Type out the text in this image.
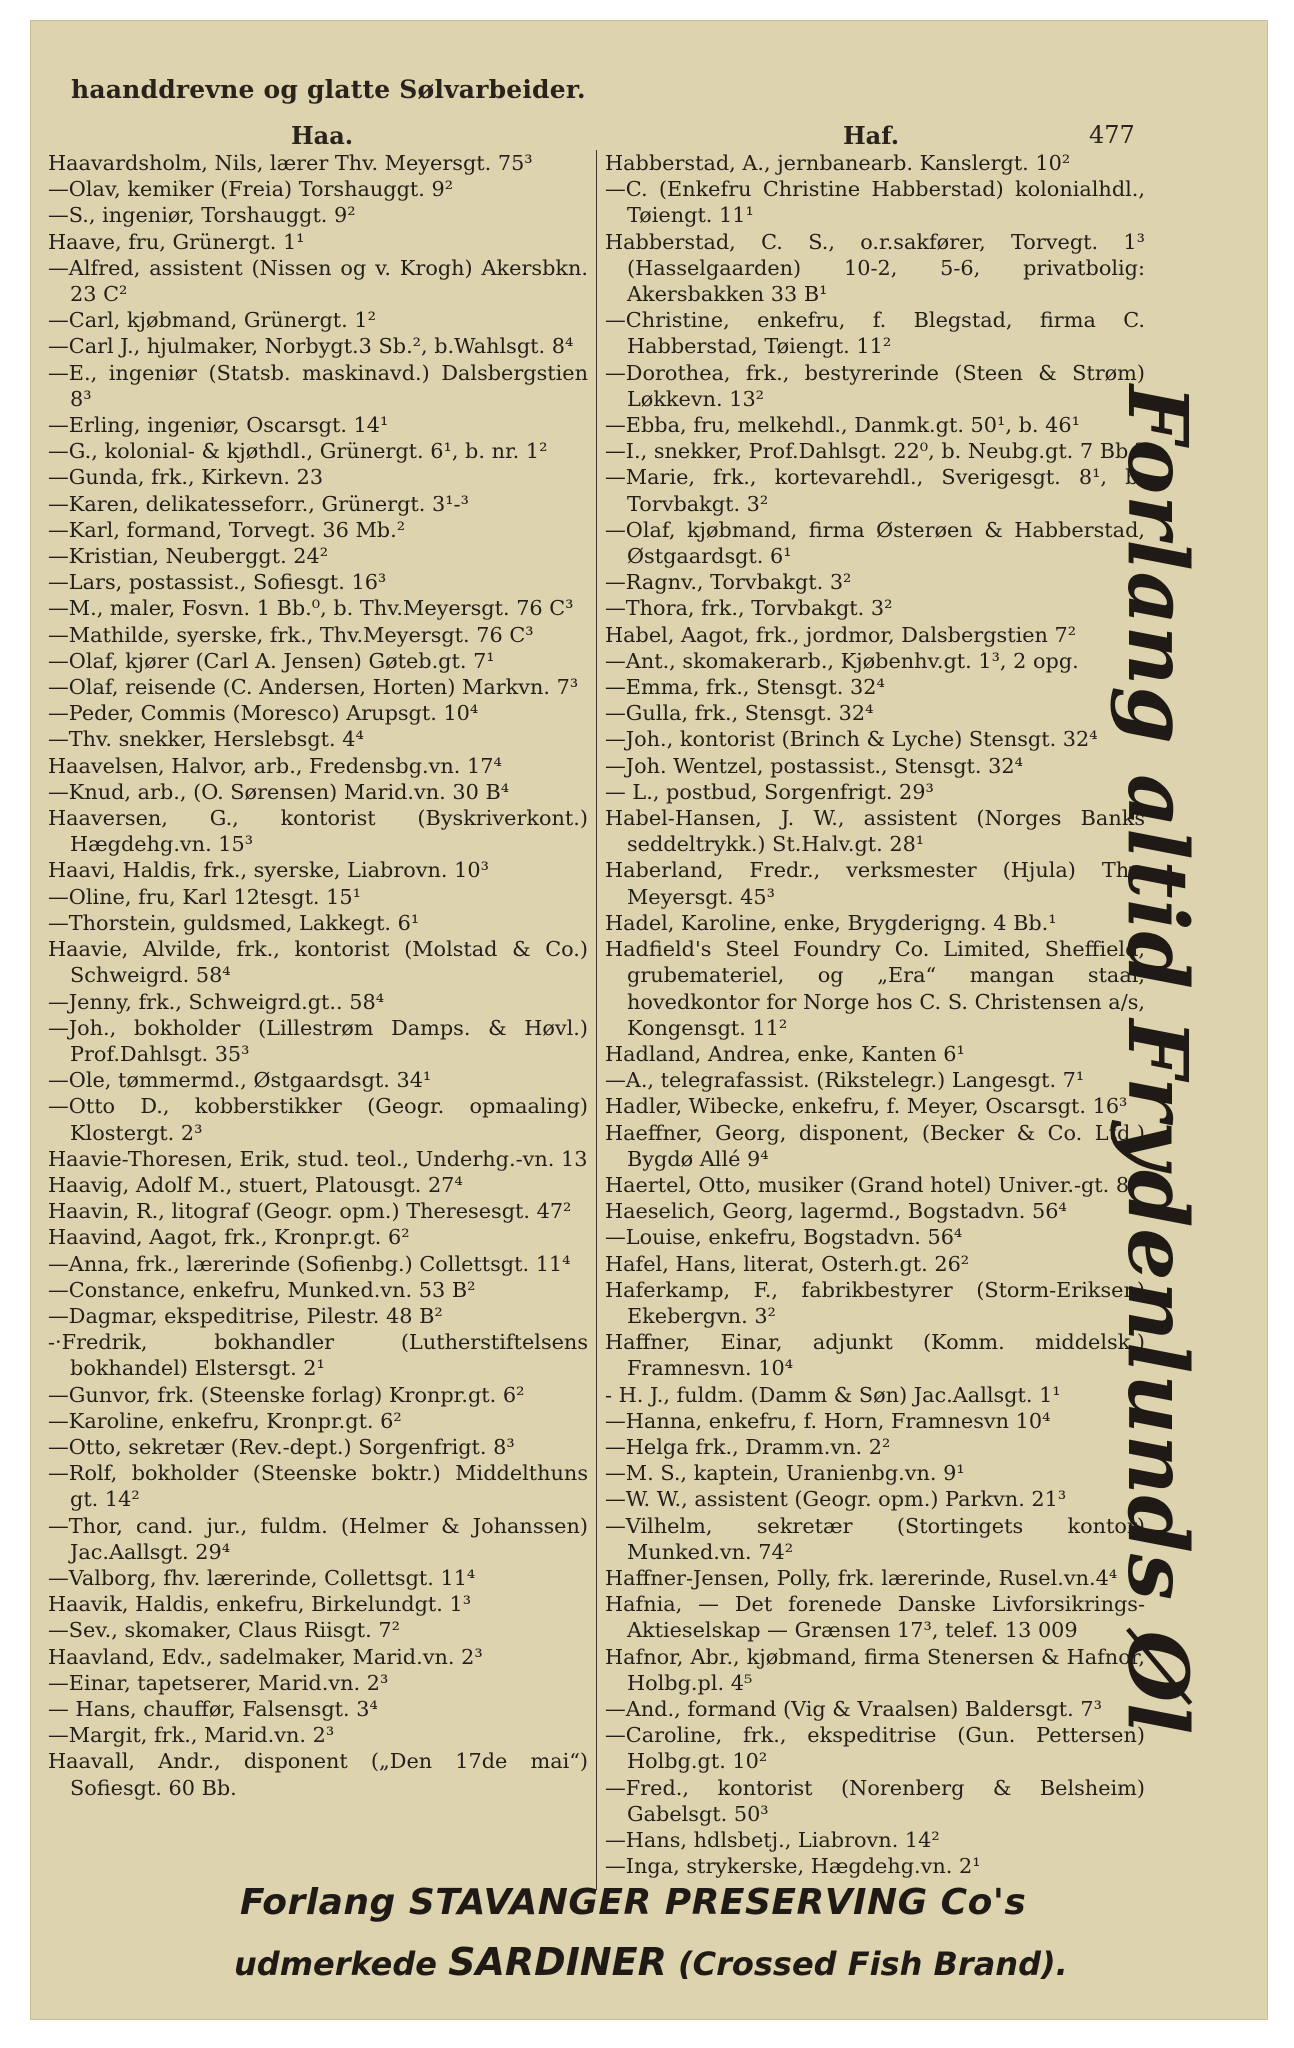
haanddrevne og glatte Sølvarbeider.
Haa.	Haf.	477
Haavardsholm, Nils, lærer Thv. Meyersgt. 75³
—Olav, kemiker (Freia) Torshauggt. 9²
—S., ingeniør, Torshauggt. 9²
Haave, fru, Grünergt. 1¹
—Alfred, assistent (Nissen og v. Krogh) Akersbkn. 23 C²
—Carl, kjøbmand, Grünergt. 1²
—Carl J., hjulmaker, Norbygt.3 Sb.², b.Wahlsgt. 8⁴
—E., ingeniør (Statsb. maskinavd.) Dalsbergstien 8³
—Erling, ingeniør, Oscarsgt. 14¹
—G., kolonial- & kjøthdl., Grünergt. 6¹, b. nr. 1²
—Gunda, frk., Kirkevn. 23
—Karen, delikatesseforr., Grünergt. 3¹-³
—Karl, formand, Torvegt. 36 Mb.²
—Kristian, Neuberggt. 24²
—Lars, postassist., Sofiesgt. 16³
—M., maler, Fosvn. 1 Bb.⁰, b. Thv.Meyersgt. 76 C³
—Mathilde, syerske, frk., Thv.Meyersgt. 76 C³
—Olaf, kjører (Carl A. Jensen) Gøteb.gt. 7¹
—Olaf, reisende (C. Andersen, Horten) Markvn. 7³
—Peder, Commis (Moresco) Arupsgt. 10⁴
—Thv. snekker, Herslebsgt. 4⁴
Haavelsen, Halvor, arb., Fredensbg.vn. 17⁴
—Knud, arb., (O. Sørensen) Marid.vn. 30 B⁴
Haaversen, G., kontorist (Byskriverkont.) Hægdehg.vn. 15³
Haavi, Haldis, frk., syerske, Liabrovn. 10³
—Oline, fru, Karl 12tesgt. 15¹
—Thorstein, guldsmed, Lakkegt. 6¹
Haavie, Alvilde, frk., kontorist (Molstad & Co.) Schweigrd. 58⁴
—Jenny, frk., Schweigrd.gt.. 58⁴
—Joh., bokholder (Lillestrøm Damps. & Høvl.) Prof.Dahlsgt. 35³
—Ole, tømmermd., Østgaardsgt. 34¹
—Otto D., kobberstikker (Geogr. opmaaling) Klostergt. 2³
Haavie-Thoresen, Erik, stud. teol., Underhg.-vn. 13
Haavig, Adolf M., stuert, Platousgt. 27⁴
Haavin, R., litograf (Geogr. opm.) Theresesgt. 47²
Haavind, Aagot, frk., Kronpr.gt. 6²
—Anna, frk., lærerinde (Sofienbg.) Collettsgt. 11⁴
—Constance, enkefru, Munked.vn. 53 B²
—Dagmar, ekspeditrise, Pilestr. 48 B²
-·Fredrik, bokhandler (Lutherstiftelsens bokhandel) Elstersgt. 2¹
—Gunvor, frk. (Steenske forlag) Kronpr.gt. 6²
—Karoline, enkefru, Kronpr.gt. 6²
—Otto, sekretær (Rev.-dept.) Sorgenfrigt. 8³
—Rolf, bokholder (Steenske boktr.) Middelthuns gt. 14²
—Thor, cand. jur., fuldm. (Helmer & Johanssen) Jac.Aallsgt. 29⁴
—Valborg, fhv. lærerinde, Collettsgt. 11⁴
Haavik, Haldis, enkefru, Birkelundgt. 1³
—Sev., skomaker, Claus Riisgt. 7²
Haavland, Edv., sadelmaker, Marid.vn. 2³
—Einar, tapetserer, Marid.vn. 2³
— Hans, chauffør, Falsensgt. 3⁴
—Margit, frk., Marid.vn. 2³
Haavall, Andr., disponent („Den 17de mai“) Sofiesgt. 60 Bb.
Habberstad, A., jernbanearb. Kanslergt. 10²
—C. (Enkefru Christine Habberstad) kolonialhdl., Tøiengt. 11¹
Habberstad, C. S., o.r.sakfører, Torvegt. 1³ (Hasselgaarden) 10-2, 5-6, privatbolig: Akersbakken 33 B¹
—Christine, enkefru, f. Blegstad, firma C. Habberstad, Tøiengt. 11²
—Dorothea, frk., bestyrerinde (Steen & Strøm) Løkkevn. 13²
—Ebba, fru, melkehdl., Danmk.gt. 50¹, b. 46¹
—I., snekker, Prof.Dahlsgt. 22⁰, b. Neubg.gt. 7 Bb.²
—Marie, frk., kortevarehdl., Sverigesgt. 8¹, b. Torvbakgt. 3²
—Olaf, kjøbmand, firma Østerøen & Habberstad, Østgaardsgt. 6¹
—Ragnv., Torvbakgt. 3²
—Thora, frk., Torvbakgt. 3²
Habel, Aagot, frk., jordmor, Dalsbergstien 7²
—Ant., skomakerarb., Kjøbenhv.gt. 1³, 2 opg.
—Emma, frk., Stensgt. 32⁴
—Gulla, frk., Stensgt. 32⁴
—Joh., kontorist (Brinch & Lyche) Stensgt. 32⁴
—Joh. Wentzel, postassist., Stensgt. 32⁴
— L., postbud, Sorgenfrigt. 29³
Habel-Hansen, J. W., assistent (Norges Banks seddeltrykk.) St.Halv.gt. 28¹
Haberland, Fredr., verksmester (Hjula) Thv. Meyersgt. 45³
Hadel, Karoline, enke, Brygderigng. 4 Bb.¹
Hadfield's Steel Foundry Co. Limited, Sheffield, grubemateriel, og „Era“ mangan staal, hovedkontor for Norge hos C. S. Christensen a/s, Kongensgt. 11²
Hadland, Andrea, enke, Kanten 6¹
—A., telegrafassist. (Rikstelegr.) Langesgt. 7¹
Hadler, Wibecke, enkefru, f. Meyer, Oscarsgt. 16³
Haeffner, Georg, disponent, (Becker & Co. Ltd.) Bygdø Allé 9⁴
Haertel, Otto, musiker (Grand hotel) Univer.-gt. 8³
Haeselich, Georg, lagermd., Bogstadvn. 56⁴
—Louise, enkefru, Bogstadvn. 56⁴
Hafel, Hans, literat, Osterh.gt. 26²
Haferkamp, F., fabrikbestyrer (Storm-Eriksen) Ekebergvn. 3²
Haffner, Einar, adjunkt (Komm. middelsk.) Framnesvn. 10⁴
- H. J., fuldm. (Damm & Søn) Jac.Aallsgt. 1¹
—Hanna, enkefru, f. Horn, Framnesvn 10⁴
—Helga frk., Dramm.vn. 2²
—M. S., kaptein, Uranienbg.vn. 9¹
—W. W., assistent (Geogr. opm.) Parkvn. 21³
—Vilhelm, sekretær (Stortingets kontor) Munked.vn. 74²
Haffner-Jensen, Polly, frk. lærerinde, Rusel.vn.4⁴
Hafnia, — Det forenede Danske Livforsikrings-Aktieselskap — Grænsen 17³, telef. 13 009
Hafnor, Abr., kjøbmand, firma Stenersen & Hafnor, Holbg.pl. 4⁵
—And., formand (Vig & Vraalsen) Baldersgt. 7³
—Caroline, frk., ekspeditrise (Gun. Pettersen) Holbg.gt. 10²
—Fred., kontorist (Norenberg & Belsheim) Gabelsgt. 50³
—Hans, hdlsbetj., Liabrovn. 14²
—Inga, strykerske, Hægdehg.vn. 2¹
Forlang altid Frydenlunds Øl
Forlang STAVANGER PRESERVING Co's
udmerkede SARDINER (Crossed Fish Brand).
